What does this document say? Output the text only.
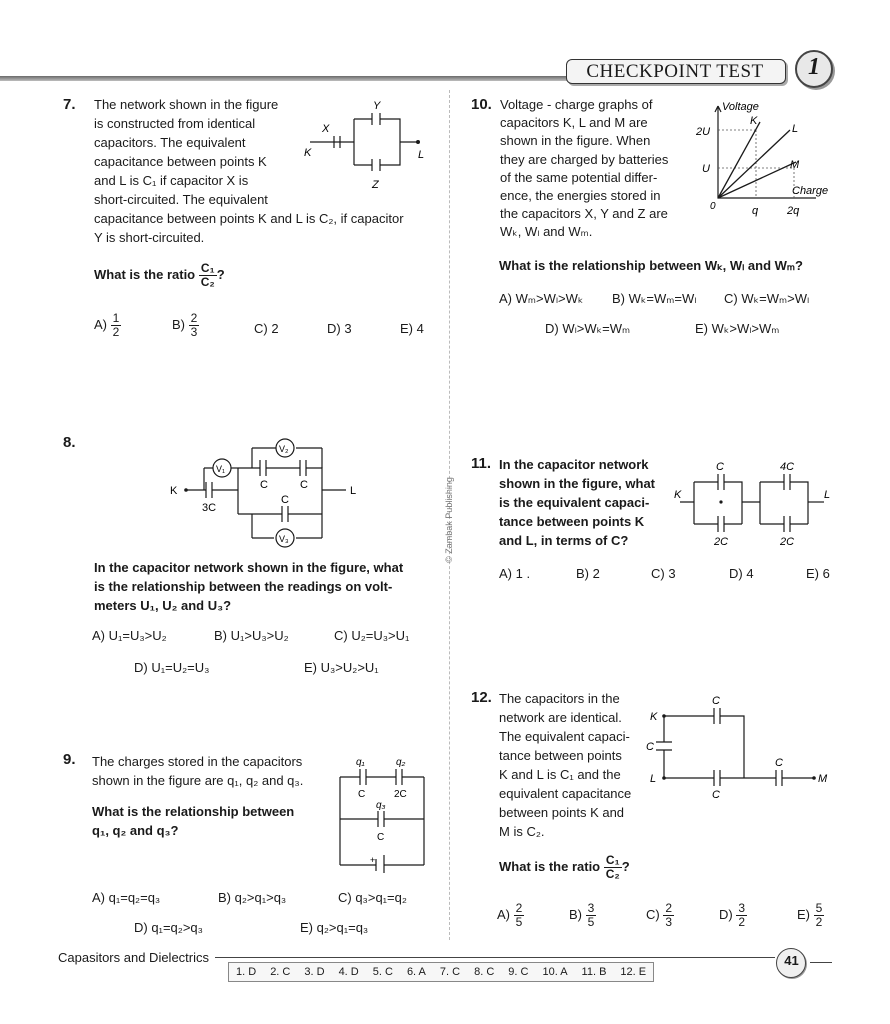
CHECKPOINT TEST	1
© Zambak Publishing
7. The network shown in the figure
is constructed from identical
capacitors. The equivalent
capacitance between points K
and L is C₁ if capacitor X is
short-circuited. The equivalent
capacitance between points K and L is C₂, if capacitor
Y is short-circuited.
Y
X
K	L
Z
What is the ratio $\frac{\text{C₁}}{\text{C₂}}$ ?
$A) \frac{1}{2}$	$B) \frac{2}{3}$	C) 2	D) 3	E) 4
8.
V₁
V₂
V₃
K	L
C	C
C
3C
In the capacitor network shown in the figure, what
is the relationship between the readings on volt-
meters U₁, U₂ and U₃?
A) U₁=U₃>U₂	B) U₁>U₃>U₂	C) U₂=U₃>U₁
D) U₁=U₂=U₃	E) U₃>U₂>U₁
9. The charges stored in the capacitors
shown in the figure are q₁, q₂ and q₃.
What is the relationship between
q₁, q₂ and q₃?
q₁	q₂
C	2C
q₃
C
+
A) q₁=q₂=q₃	B) q₂>q₁>q₃	C) q₃>q₁=q₂
D) q₁=q₂>q₃	E) q₂>q₁=q₃
10. Voltage - charge graphs of
capacitors K, L and M are
shown in the figure. When
they are charged by batteries
of the same potential differ-
ence, the energies stored in
the capacitors X, Y and Z are
Wₖ, Wₗ and Wₘ.
Voltage
Charge
2U
U
q	2q
0
K
L
M
What is the relationship between Wₖ, Wₗ and Wₘ?
A) Wₘ>Wₗ>Wₖ B) Wₖ=Wₘ=Wₗ C) Wₖ=Wₘ>Wₗ
D) Wₗ>Wₖ=Wₘ	E) Wₖ>Wₗ>Wₘ
11. In the capacitor network
shown in the figure, what
is the equivalent capaci-
tance between points K
and L, in terms of C?
C	4C
2C	2C
K	L
A) 1 .	B) 2	C) 3	D) 4	E) 6
12. The capacitors in the
network are identical.
The equivalent capaci-
tance between points
K and L is C₁ and the
equivalent capacitance
between points K and
M is C₂.
K
L	M
C
C
C
C
What is the ratio $\frac{\text{C₁}}{\text{C₂}}$ ?
$A) \frac{2}{5}$	$B) \frac{3}{5}$	$C) \frac{2}{3}$	$D) \frac{3}{2}$	$E) \frac{5}{2}$
Capasitors and Dielectrics
1. D	2. C	3. D	4. D	5. C	6. A	7. C	8. C	9. C	10. A	11. B	12. E
41
